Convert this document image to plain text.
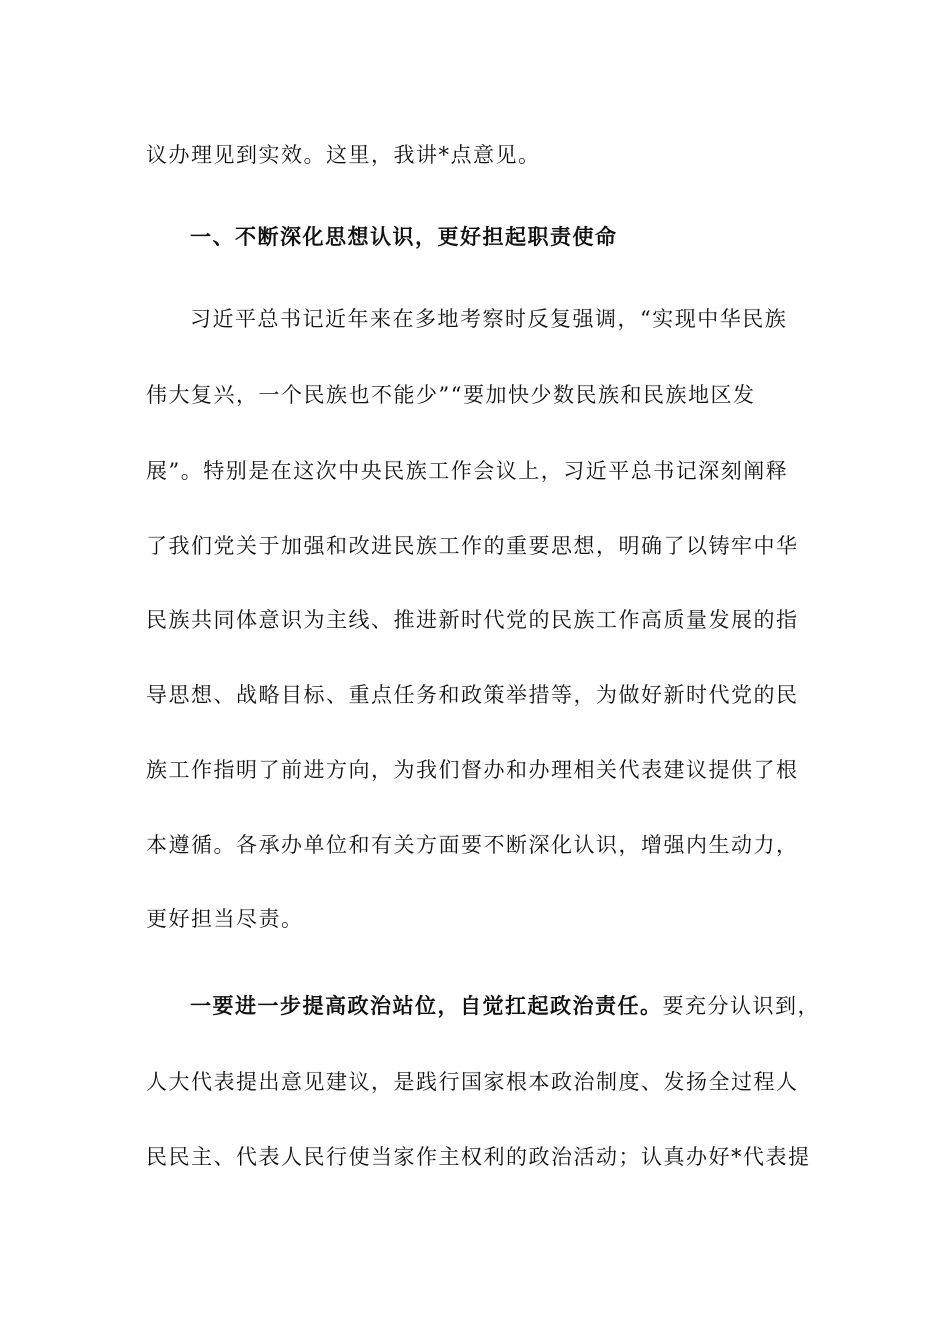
议办理见到实效。这里，我讲*点意见。
一、不断深化思想认识，更好担起职责使命
习近平总书记近年来在多地考察时反复强调，“实现中华民族
伟大复兴，一个民族也不能少”“要加快少数民族和民族地区发
展”。特别是在这次中央民族工作会议上，习近平总书记深刻阐释
了我们党关于加强和改进民族工作的重要思想，明确了以铸牢中华
民族共同体意识为主线、推进新时代党的民族工作高质量发展的指
导思想、战略目标、重点任务和政策举措等，为做好新时代党的民
族工作指明了前进方向，为我们督办和办理相关代表建议提供了根
本遵循。各承办单位和有关方面要不断深化认识，增强内生动力，
更好担当尽责。
一要进一步提高政治站位，自觉扛起政治责任。要充分认识到，
人大代表提出意见建议，是践行国家根本政治制度、发扬全过程人
民民主、代表人民行使当家作主权利的政治活动；认真办好*代表提
